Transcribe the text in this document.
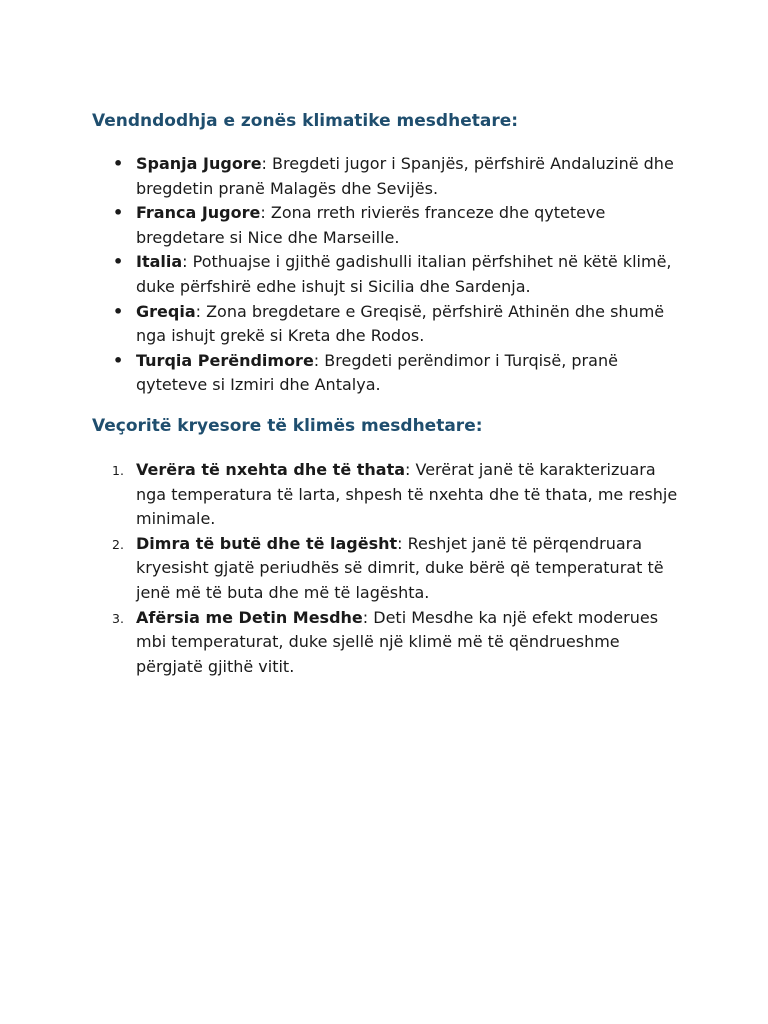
Vendndodhja e zonës klimatike mesdhetare:
• Spanja Jugore: Bregdeti jugor i Spanjës, përfshirë Andaluzinë dhe bregdetin pranë Malagës dhe Sevijës.
• Franca Jugore: Zona rreth rivierës franceze dhe qyteteve bregdetare si Nice dhe Marseille.
• Italia: Pothuajse i gjithë gadishulli italian përfshihet në këtë klimë, duke përfshirë edhe ishujt si Sicilia dhe Sardenja.
• Greqia: Zona bregdetare e Greqisë, përfshirë Athinën dhe shumë nga ishujt grekë si Kreta dhe Rodos.
• Turqia Perëndimore: Bregdeti perëndimor i Turqisë, pranë qyteteve si Izmiri dhe Antalya.
Veçoritë kryesore të klimës mesdhetare:
1. Verëra të nxehta dhe të thata: Verërat janë të karakterizuara nga temperatura të larta, shpesh të nxehta dhe të thata, me reshje minimale.
2. Dimra të butë dhe të lagësht: Reshjet janë të përqendruara kryesisht gjatë periudhës së dimrit, duke bërë që temperaturat të jenë më të buta dhe më të lagështa.
3. Afërsia me Detin Mesdhe: Deti Mesdhe ka një efekt moderues mbi temperaturat, duke sjellë një klimë më të qëndrueshme përgjatë gjithë vitit.
